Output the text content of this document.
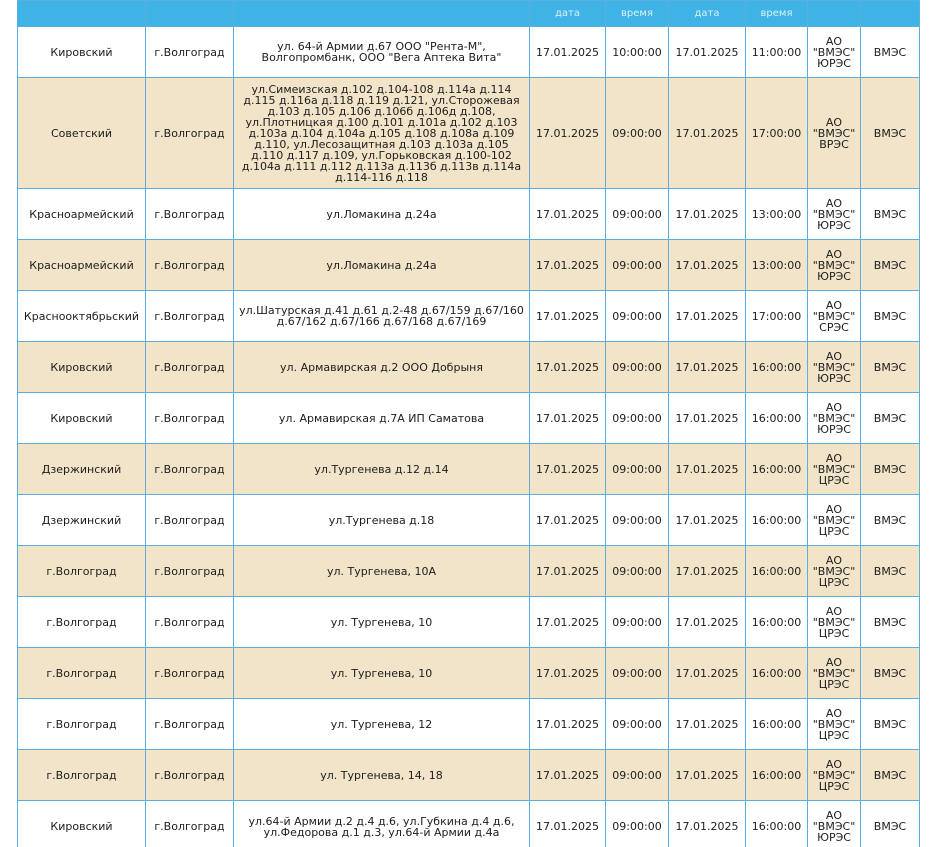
			дата	время	дата	время		
Кировский	г.Волгоград	ул. 64-й Армии д.67 ООО "Рента-М", Волгопромбанк, ООО "Вега Аптека Вита"	17.01.2025	10:00:00	17.01.2025	11:00:00	АО "ВМЭС" ЮРЭС	ВМЭС
Советский	г.Волгоград	ул.Симеизская д.102 д.104-108 д.114а д.114 д.115 д.116а д.118 д.119 д.121, ул.Сторожевая д.103 д.105 д.106 д.106б д.106д д.108, ул.Плотницкая д.100 д.101 д.101а д.102 д.103 д.103а д.104 д.104а д.105 д.108 д.108а д.109 д.110, ул.Лесозащитная д.103 д.103а д.105 д.110 д.117 д.109, ул.Горьковская д.100-102 д.104а д.111 д.112 д.113а д.113б д.113в д.114а д.114-116 д.118	17.01.2025	09:00:00	17.01.2025	17:00:00	АО "ВМЭС" ВРЭС	ВМЭС
Красноармейский	г.Волгоград	ул.Ломакина д.24а	17.01.2025	09:00:00	17.01.2025	13:00:00	АО "ВМЭС" ЮРЭС	ВМЭС
Красноармейский	г.Волгоград	ул.Ломакина д.24а	17.01.2025	09:00:00	17.01.2025	13:00:00	АО "ВМЭС" ЮРЭС	ВМЭС
Краснооктябрьский	г.Волгоград	ул.Шатурская д.41 д.61 д.2-48 д.67/159 д.67/160 д.67/162 д.67/166 д.67/168 д.67/169	17.01.2025	09:00:00	17.01.2025	17:00:00	АО "ВМЭС" СРЭС	ВМЭС
Кировский	г.Волгоград	ул. Армавирская д.2 ООО Добрыня	17.01.2025	09:00:00	17.01.2025	16:00:00	АО "ВМЭС" ЮРЭС	ВМЭС
Кировский	г.Волгоград	ул. Армавирская д.7А ИП Саматова	17.01.2025	09:00:00	17.01.2025	16:00:00	АО "ВМЭС" ЮРЭС	ВМЭС
Дзержинский	г.Волгоград	ул.Тургенева д.12 д.14	17.01.2025	09:00:00	17.01.2025	16:00:00	АО "ВМЭС" ЦРЭС	ВМЭС
Дзержинский	г.Волгоград	ул.Тургенева д.18	17.01.2025	09:00:00	17.01.2025	16:00:00	АО "ВМЭС" ЦРЭС	ВМЭС
г.Волгоград	г.Волгоград	ул. Тургенева, 10А	17.01.2025	09:00:00	17.01.2025	16:00:00	АО "ВМЭС" ЦРЭС	ВМЭС
г.Волгоград	г.Волгоград	ул. Тургенева, 10	17.01.2025	09:00:00	17.01.2025	16:00:00	АО "ВМЭС" ЦРЭС	ВМЭС
г.Волгоград	г.Волгоград	ул. Тургенева, 10	17.01.2025	09:00:00	17.01.2025	16:00:00	АО "ВМЭС" ЦРЭС	ВМЭС
г.Волгоград	г.Волгоград	ул. Тургенева, 12	17.01.2025	09:00:00	17.01.2025	16:00:00	АО "ВМЭС" ЦРЭС	ВМЭС
г.Волгоград	г.Волгоград	ул. Тургенева, 14, 18	17.01.2025	09:00:00	17.01.2025	16:00:00	АО "ВМЭС" ЦРЭС	ВМЭС
Кировский	г.Волгоград	ул.64-й Армии д.2 д.4 д.6, ул.Губкина д.4 д.6, ул.Федорова д.1 д.3, ул.64-й Армии д.4а	17.01.2025	09:00:00	17.01.2025	16:00:00	АО "ВМЭС" ЮРЭС	ВМЭС
